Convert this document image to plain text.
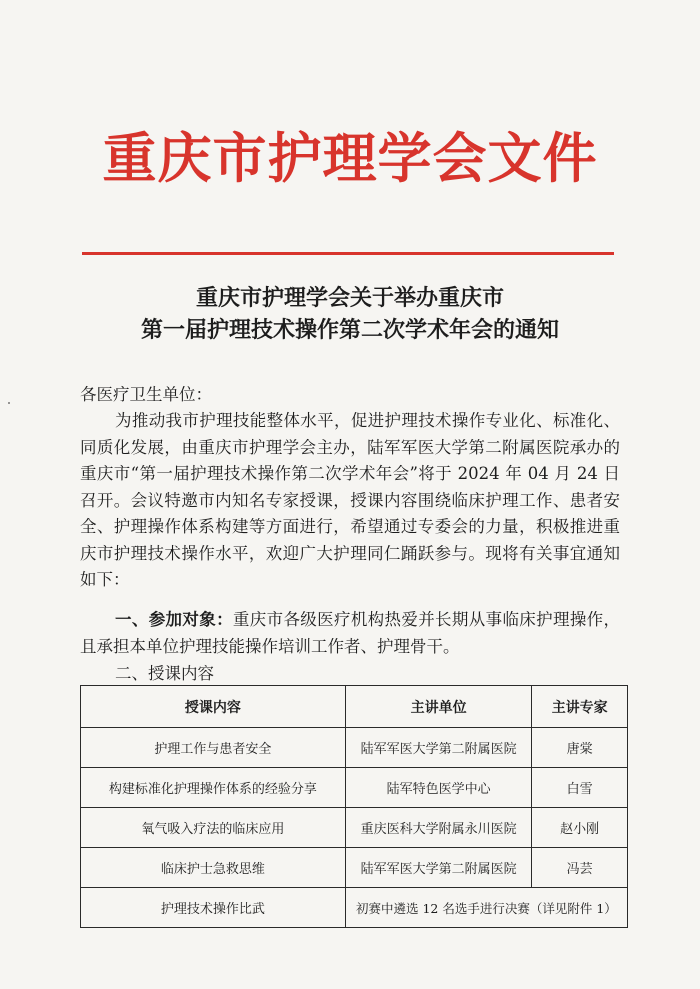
重庆市护理学会文件
重庆市护理学会关于举办重庆市
第一届护理技术操作第二次学术年会的通知
各医疗卫生单位：
为推动我市护理技能整体水平，促进护理技术操作专业化、标准化、同质化发展，由重庆市护理学会主办，陆军军医大学第二附属医院承办的重庆市“第一届护理技术操作第二次学术年会”将于 2024 年 04 月 24 日召开。会议特邀市内知名专家授课，授课内容围绕临床护理工作、患者安全、护理操作体系构建等方面进行，希望通过专委会的力量，积极推进重庆市护理技术操作水平，欢迎广大护理同仁踊跃参与。现将有关事宜通知如下：
一、参加对象：重庆市各级医疗机构热爱并长期从事临床护理操作，且承担本单位护理技能操作培训工作者、护理骨干。
二、授课内容
授课内容	主讲单位	主讲专家
护理工作与患者安全	陆军军医大学第二附属医院	唐棠
构建标准化护理操作体系的经验分享	陆军特色医学中心	白雪
氧气吸入疗法的临床应用	重庆医科大学附属永川医院	赵小刚
临床护士急救思维	陆军军医大学第二附属医院	冯芸
护理技术操作比武	初赛中遴选 12 名选手进行决赛（详见附件 1）	
